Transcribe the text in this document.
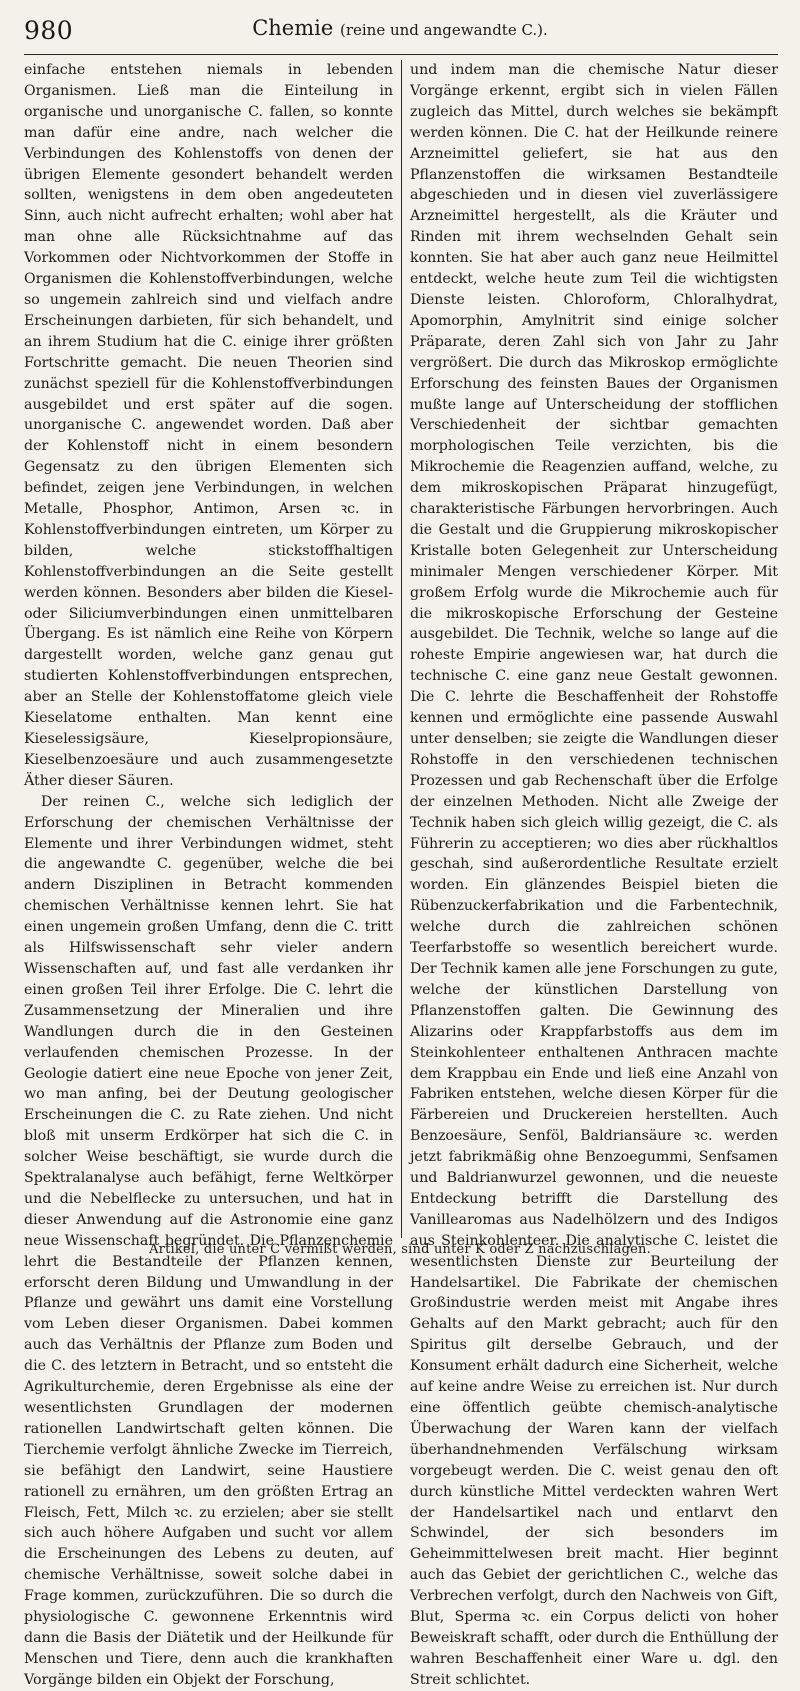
980	Chemie (reine und angewandte C.).

einfache entstehen niemals in lebenden Organismen. Ließ man die Einteilung in organische und unorganische C. fallen, so konnte man dafür eine andre, nach welcher die Verbindungen des Kohlenstoffs von denen der übrigen Elemente gesondert behandelt werden sollten, wenigstens in dem oben angedeuteten Sinn, auch nicht aufrecht erhalten; wohl aber hat man ohne alle Rücksichtnahme auf das Vorkommen oder Nichtvorkommen der Stoffe in Organismen die Kohlenstoffverbindungen, welche so ungemein zahlreich sind und vielfach andre Erscheinungen darbieten, für sich behandelt, und an ihrem Studium hat die C. einige ihrer größten Fortschritte gemacht. Die neuen Theorien sind zunächst speziell für die Kohlenstoffverbindungen ausgebildet und erst später auf die sogen. unorganische C. angewendet worden. Daß aber der Kohlenstoff nicht in einem besondern Gegensatz zu den übrigen Elementen sich befindet, zeigen jene Verbindungen, in welchen Metalle, Phosphor, Antimon, Arsen ꝛc. in Kohlenstoffverbindungen eintreten, um Körper zu bilden, welche stickstoffhaltigen Kohlenstoffverbindungen an die Seite gestellt werden können. Besonders aber bilden die Kiesel- oder Siliciumverbindungen einen unmittelbaren Übergang. Es ist nämlich eine Reihe von Körpern dargestellt worden, welche ganz genau gut studierten Kohlenstoffverbindungen entsprechen, aber an Stelle der Kohlenstoffatome gleich viele Kieselatome enthalten. Man kennt eine Kieselessigsäure, Kieselpropionsäure, Kieselbenzoesäure und auch zusammengesetzte Äther dieser Säuren.

Der reinen C., welche sich lediglich der Erforschung der chemischen Verhältnisse der Elemente und ihrer Verbindungen widmet, steht die angewandte C. gegenüber, welche die bei andern Disziplinen in Betracht kommenden chemischen Verhältnisse kennen lehrt. Sie hat einen ungemein großen Umfang, denn die C. tritt als Hilfswissenschaft sehr vieler andern Wissenschaften auf, und fast alle verdanken ihr einen großen Teil ihrer Erfolge. Die C. lehrt die Zusammensetzung der Mineralien und ihre Wandlungen durch die in den Gesteinen verlaufenden chemischen Prozesse. In der Geologie datiert eine neue Epoche von jener Zeit, wo man anfing, bei der Deutung geologischer Erscheinungen die C. zu Rate ziehen. Und nicht bloß mit unserm Erdkörper hat sich die C. in solcher Weise beschäftigt, sie wurde durch die Spektralanalyse auch befähigt, ferne Weltkörper und die Nebelflecke zu untersuchen, und hat in dieser Anwendung auf die Astronomie eine ganz neue Wissenschaft begründet. Die Pflanzenchemie lehrt die Bestandteile der Pflanzen kennen, erforscht deren Bildung und Umwandlung in der Pflanze und gewährt uns damit eine Vorstellung vom Leben dieser Organismen. Dabei kommen auch das Verhältnis der Pflanze zum Boden und die C. des letztern in Betracht, und so entsteht die Agrikulturchemie, deren Ergebnisse als eine der wesentlichsten Grundlagen der modernen rationellen Landwirtschaft gelten können. Die Tierchemie verfolgt ähnliche Zwecke im Tierreich, sie befähigt den Landwirt, seine Haustiere rationell zu ernähren, um den größten Ertrag an Fleisch, Fett, Milch ꝛc. zu erzielen; aber sie stellt sich auch höhere Aufgaben und sucht vor allem die Erscheinungen des Lebens zu deuten, auf chemische Verhältnisse, soweit solche dabei in Frage kommen, zurückzuführen. Die so durch die physiologische C. gewonnene Erkenntnis wird dann die Basis der Diätetik und der Heilkunde für Menschen und Tiere, denn auch die krankhaften Vorgänge bilden ein Objekt der Forschung,

und indem man die chemische Natur dieser Vorgänge erkennt, ergibt sich in vielen Fällen zugleich das Mittel, durch welches sie bekämpft werden können. Die C. hat der Heilkunde reinere Arzneimittel geliefert, sie hat aus den Pflanzenstoffen die wirksamen Bestandteile abgeschieden und in diesen viel zuverlässigere Arzneimittel hergestellt, als die Kräuter und Rinden mit ihrem wechselnden Gehalt sein konnten. Sie hat aber auch ganz neue Heilmittel entdeckt, welche heute zum Teil die wichtigsten Dienste leisten. Chloroform, Chloralhydrat, Apomorphin, Amylnitrit sind einige solcher Präparate, deren Zahl sich von Jahr zu Jahr vergrößert. Die durch das Mikroskop ermöglichte Erforschung des feinsten Baues der Organismen mußte lange auf Unterscheidung der stofflichen Verschiedenheit der sichtbar gemachten morphologischen Teile verzichten, bis die Mikrochemie die Reagenzien auffand, welche, zu dem mikroskopischen Präparat hinzugefügt, charakteristische Färbungen hervorbringen. Auch die Gestalt und die Gruppierung mikroskopischer Kristalle boten Gelegenheit zur Unterscheidung minimaler Mengen verschiedener Körper. Mit großem Erfolg wurde die Mikrochemie auch für die mikroskopische Erforschung der Gesteine ausgebildet. Die Technik, welche so lange auf die roheste Empirie angewiesen war, hat durch die technische C. eine ganz neue Gestalt gewonnen. Die C. lehrte die Beschaffenheit der Rohstoffe kennen und ermöglichte eine passende Auswahl unter denselben; sie zeigte die Wandlungen dieser Rohstoffe in den verschiedenen technischen Prozessen und gab Rechenschaft über die Erfolge der einzelnen Methoden. Nicht alle Zweige der Technik haben sich gleich willig gezeigt, die C. als Führerin zu acceptieren; wo dies aber rückhaltlos geschah, sind außerordentliche Resultate erzielt worden. Ein glänzendes Beispiel bieten die Rübenzuckerfabrikation und die Farbentechnik, welche durch die zahlreichen schönen Teerfarbstoffe so wesentlich bereichert wurde. Der Technik kamen alle jene Forschungen zu gute, welche der künstlichen Darstellung von Pflanzenstoffen galten. Die Gewinnung des Alizarins oder Krappfarbstoffs aus dem im Steinkohlenteer enthaltenen Anthracen machte dem Krappbau ein Ende und ließ eine Anzahl von Fabriken entstehen, welche diesen Körper für die Färbereien und Druckereien herstellten. Auch Benzoesäure, Senföl, Baldriansäure ꝛc. werden jetzt fabrikmäßig ohne Benzoegummi, Senfsamen und Baldrianwurzel gewonnen, und die neueste Entdeckung betrifft die Darstellung des Vanillearomas aus Nadelhölzern und des Indigos aus Steinkohlenteer. Die analytische C. leistet die wesentlichsten Dienste zur Beurteilung der Handelsartikel. Die Fabrikate der chemischen Großindustrie werden meist mit Angabe ihres Gehalts auf den Markt gebracht; auch für den Spiritus gilt derselbe Gebrauch, und der Konsument erhält dadurch eine Sicherheit, welche auf keine andre Weise zu erreichen ist. Nur durch eine öffentlich geübte chemisch-analytische Überwachung der Waren kann der vielfach überhandnehmenden Verfälschung wirksam vorgebeugt werden. Die C. weist genau den oft durch künstliche Mittel verdeckten wahren Wert der Handelsartikel nach und entlarvt den Schwindel, der sich besonders im Geheimmittelwesen breit macht. Hier beginnt auch das Gebiet der gerichtlichen C., welche das Verbrechen verfolgt, durch den Nachweis von Gift, Blut, Sperma ꝛc. ein Corpus delicti von hoher Beweiskraft schafft, oder durch die Enthüllung der wahren Beschaffenheit einer Ware u. dgl. den Streit schlichtet.

Artikel, die unter C vermißt werden, sind unter K oder Z nachzuschlagen.
